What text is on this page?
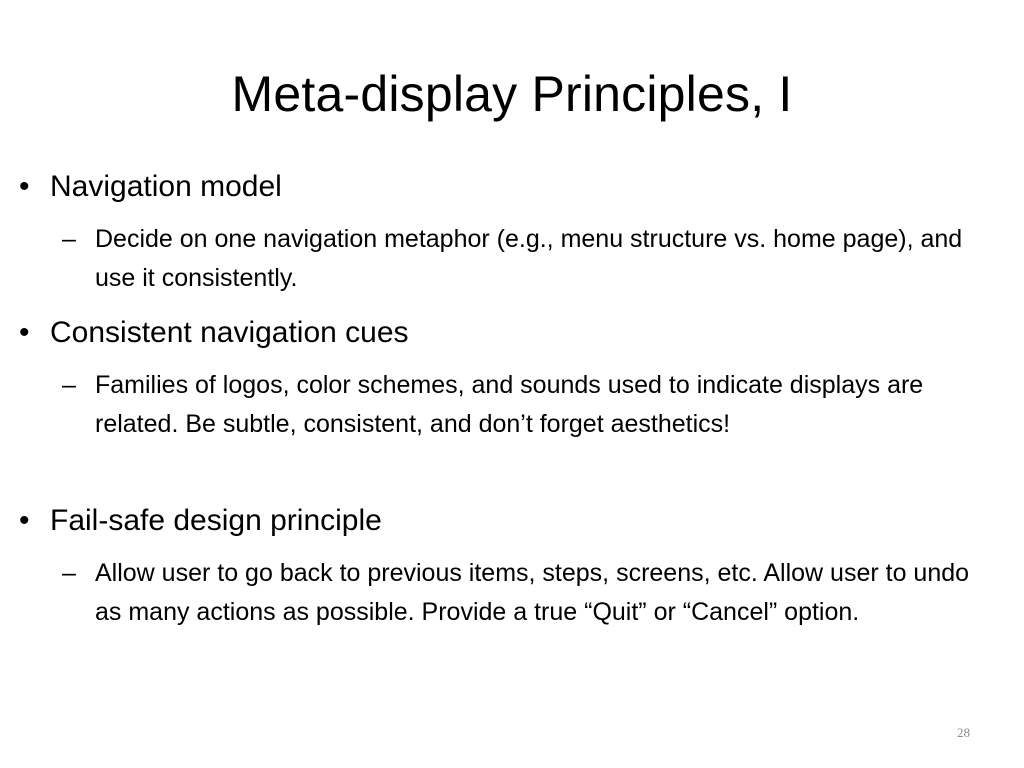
Meta-display Principles, I
• Navigation model
– Decide on one navigation metaphor (e.g., menu structure vs. home page), and use it consistently.
• Consistent navigation cues
– Families of logos, color schemes, and sounds used to indicate displays are related. Be subtle, consistent, and don’t forget aesthetics!
• Fail-safe design principle
– Allow user to go back to previous items, steps, screens, etc. Allow user to undo as many actions as possible. Provide a true “Quit” or “Cancel” option.
28
